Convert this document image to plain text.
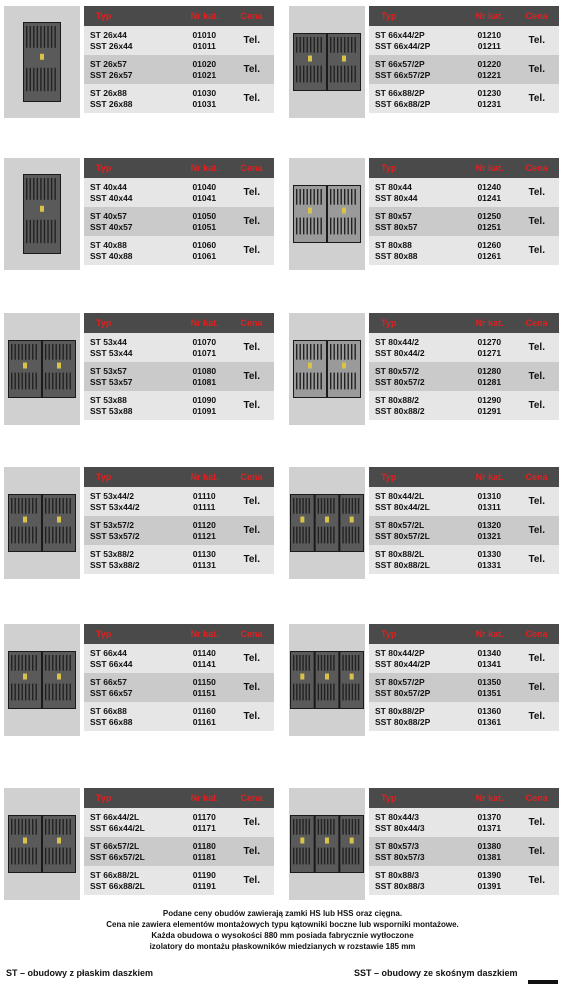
Typ	Nr kat.	Cena
ST 26x44
SST 26x44
01010
01011	Tel.
ST 26x57
SST 26x57
01020
01021	Tel.
ST 26x88
SST 26x88
01030
01031	Tel.
Typ	Nr kat.	Cena
ST 66x44/2P
SST 66x44/2P
01210
01211	Tel.
ST 66x57/2P
SST 66x57/2P
01220
01221	Tel.
ST 66x88/2P
SST 66x88/2P
01230
01231	Tel.
Typ	Nr kat.	Cena
ST 40x44
SST 40x44
01040
01041	Tel.
ST 40x57
SST 40x57
01050
01051	Tel.
ST 40x88
SST 40x88
01060
01061	Tel.
Typ	Nr kat.	Cena
ST 80x44
SST 80x44
01240
01241	Tel.
ST 80x57
SST 80x57
01250
01251	Tel.
ST 80x88
SST 80x88
01260
01261	Tel.
Typ	Nr kat.	Cena
ST 53x44
SST 53x44
01070
01071	Tel.
ST 53x57
SST 53x57
01080
01081	Tel.
ST 53x88
SST 53x88
01090
01091	Tel.
Typ	Nr kat.	Cena
ST 80x44/2
SST 80x44/2
01270
01271	Tel.
ST 80x57/2
SST 80x57/2
01280
01281	Tel.
ST 80x88/2
SST 80x88/2
01290
01291	Tel.
Typ	Nr kat.	Cena
ST 53x44/2
SST 53x44/2
01110
01111	Tel.
ST 53x57/2
SST 53x57/2
01120
01121	Tel.
ST 53x88/2
SST 53x88/2
01130
01131	Tel.
Typ	Nr kat.	Cena
ST 80x44/2L
SST 80x44/2L
01310
01311	Tel.
ST 80x57/2L
SST 80x57/2L
01320
01321	Tel.
ST 80x88/2L
SST 80x88/2L
01330
01331	Tel.
Typ	Nr kat.	Cena
ST 66x44
SST 66x44
01140
01141	Tel.
ST 66x57
SST 66x57
01150
01151	Tel.
ST 66x88
SST 66x88
01160
01161	Tel.
Typ	Nr kat.	Cena
ST 80x44/2P
SST 80x44/2P
01340
01341	Tel.
ST 80x57/2P
SST 80x57/2P
01350
01351	Tel.
ST 80x88/2P
SST 80x88/2P
01360
01361	Tel.
Typ	Nr kat.	Cena
ST 66x44/2L
SST 66x44/2L
01170
01171	Tel.
ST 66x57/2L
SST 66x57/2L
01180
01181	Tel.
ST 66x88/2L
SST 66x88/2L
01190
01191	Tel.
Typ	Nr kat.	Cena
ST 80x44/3
SST 80x44/3
01370
01371	Tel.
ST 80x57/3
SST 80x57/3
01380
01381	Tel.
ST 80x88/3
SST 80x88/3
01390
01391	Tel.
Podane ceny obudów zawierają zamki HS lub HSS oraz cięgna.
Cena nie zawiera elementów montażowych typu kątowniki boczne lub wsporniki montażowe.
Każda obudowa o wysokości 880 mm posiada fabrycznie wytłoczone
izolatory do montażu płaskowników miedzianych w rozstawie 185 mm
ST – obudowy z płaskim daszkiem	SST – obudowy ze skośnym daszkiem
